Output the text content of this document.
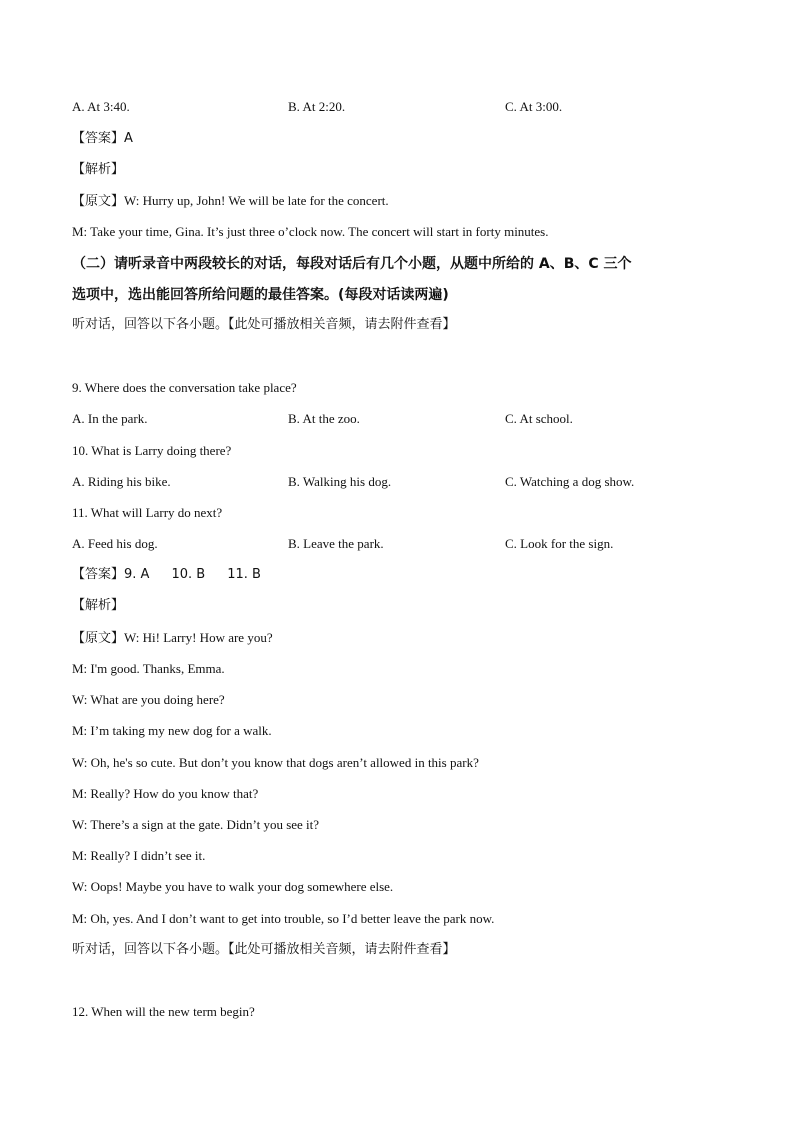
A. At 3:40.	B. At 2:20.	C. At 3:00.
【答案】A
【解析】
【原文】W: Hurry up, John! We will be late for the concert.
M: Take your time, Gina. It’s just three o’clock now. The concert will start in forty minutes.
（二）请听录音中两段较长的对话，每段对话后有几个小题，从题中所给的 A、B、C 三个
选项中，选出能回答所给问题的最佳答案。(每段对话读两遍)
听对话，回答以下各小题。【此处可播放相关音频，请去附件查看】
9. Where does the conversation take place?
A. In the park.	B. At the zoo.	C. At school.
10. What is Larry doing there?
A. Riding his bike.	B. Walking his dog.	C. Watching a dog show.
11. What will Larry do next?
A. Feed his dog.	B. Leave the park.	C. Look for the sign.
【答案】9. A 10. B 11. B
【解析】
【原文】W: Hi! Larry! How are you?
M: I'm good. Thanks, Emma.
W: What are you doing here?
M: I’m taking my new dog for a walk.
W: Oh, he's so cute. But don’t you know that dogs aren’t allowed in this park?
M: Really? How do you know that?
W: There’s a sign at the gate. Didn’t you see it?
M: Really? I didn’t see it.
W: Oops! Maybe you have to walk your dog somewhere else.
M: Oh, yes. And I don’t want to get into trouble, so I’d better leave the park now.
听对话，回答以下各小题。【此处可播放相关音频，请去附件查看】
12. When will the new term begin?
